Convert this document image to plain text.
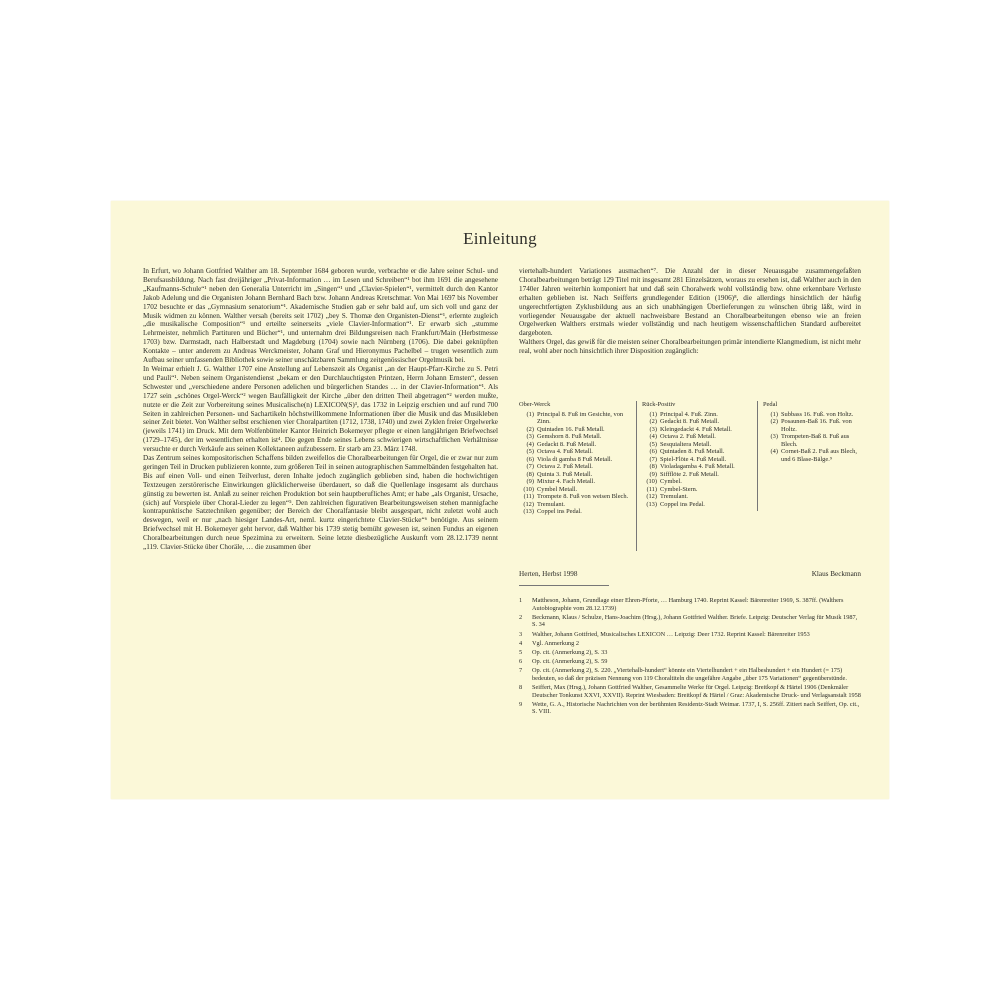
Einleitung

In Erfurt, wo Johann Gottfried Walther am 18. September 1684 geboren wurde, verbrachte er die Jahre seiner Schul- und Berufsausbildung. Nach fast dreijähriger „Privat-Information … im Lesen und Schreiben“¹ bot ihm 1691 die angesehene „Kaufmanns-Schule“¹ neben den Generalia Unterricht im „Singen“¹ und „Clavier-Spielen“¹, vermittelt durch den Kantor Jakob Adelung und die Organisten Johann Bernhard Bach bzw. Johann Andreas Kretschmar. Von Mai 1697 bis November 1702 besuchte er das „Gymnasium senatorium“¹. Akademische Studien gab er sehr bald auf, um sich voll und ganz der Musik widmen zu können. Walther versah (bereits seit 1702) „bey S. Thomæ den Organisten-Dienst“¹, erlernte zugleich „die musikalische Composition“¹ und erteilte seinerseits „viele Clavier-Information“¹. Er erwarb sich „stumme Lehrmeister, nehmlich Partituren und Bücher“¹, und unternahm drei Bildungsreisen nach Frankfurt/Main (Herbstmesse 1703) bzw. Darmstadt, nach Halberstadt und Magdeburg (1704) sowie nach Nürnberg (1706). Die dabei geknüpften Kontakte – unter anderem zu Andreas Werckmeister, Johann Graf und Hieronymus Pachelbel – trugen wesentlich zum Aufbau seiner umfassenden Bibliothek sowie seiner unschätzbaren Sammlung zeitgenössischer Orgelmusik bei.

In Weimar erhielt J. G. Walther 1707 eine Anstellung auf Lebenszeit als Organist „an der Haupt-Pfarr-Kirche zu S. Petri und Pauli“¹. Neben seinem Organistendienst „bekam er den Durchlauchtigsten Printzen, Herrn Johann Ernsten“, dessen Schwester und „verschiedene andere Personen adelichen und bürgerlichen Standes … in der Clavier-Information“¹. Als 1727 sein „schönes Orgel-Werck“² wegen Baufälligkeit der Kirche „über den dritten Theil abgetragen“² werden mußte, nutzte er die Zeit zur Vorbereitung seines Musicalische(n) LEXICON(S)³, das 1732 in Leipzig erschien und auf rund 700 Seiten in zahlreichen Personen- und Sachartikeln höchstwillkommene Informationen über die Musik und das Musikleben seiner Zeit bietet. Von Walther selbst erschienen vier Choralpartiten (1712, 1738, 1740) und zwei Zyklen freier Orgelwerke (jeweils 1741) im Druck. Mit dem Wolfenbütteler Kantor Heinrich Bokemeyer pflegte er einen langjährigen Briefwechsel (1729–1745), der im wesentlichen erhalten ist⁴. Die gegen Ende seines Lebens schwierigen wirtschaftlichen Verhältnisse versuchte er durch Verkäufe aus seinen Kollektaneen aufzubessern. Er starb am 23. März 1748.

Das Zentrum seines kompositorischen Schaffens bilden zweifellos die Choralbearbeitungen für Orgel, die er zwar nur zum geringen Teil in Drucken publizieren konnte, zum größeren Teil in seinen autographischen Sammelbänden festgehalten hat. Bis auf einen Voll- und einen Teilverlust, deren Inhalte jedoch zugänglich geblieben sind, haben die hochwichtigen Textzeugen zerstörerische Einwirkungen glücklicherweise überdauert, so daß die Quellenlage insgesamt als durchaus günstig zu bewerten ist. Anlaß zu seiner reichen Produktion bot sein hauptberufliches Amt; er habe „als Organist, Ursache, (sich) auf Vorspiele über Choral-Lieder zu legen“⁵. Den zahlreichen figurativen Bearbeitungsweisen stehen mannigfache kontrapunktische Satztechniken gegenüber; der Bereich der Choralfantasie bleibt ausgespart, nicht zuletzt wohl auch deswegen, weil er nur „nach hiesiger Landes-Art, neml. kurtz eingerichtete Clavier-Stücke“⁶ benötigte. Aus seinem Briefwechsel mit H. Bokemeyer geht hervor, daß Walther bis 1739 stetig bemüht gewesen ist, seinen Fundus an eigenen Choralbearbeitungen durch neue Spezimina zu erweitern. Seine letzte diesbezügliche Auskunft vom 28.12.1739 nennt „119. Clavier-Stücke über Choräle, … die zusammen über

viertehalb-hundert Variationes ausmachen“⁷. Die Anzahl der in dieser Neuausgabe zusammengefaßten Choralbearbeitungen beträgt 129 Titel mit insgesamt 281 Einzelsätzen, woraus zu ersehen ist, daß Walther auch in den 1740er Jahren weiterhin komponiert hat und daß sein Choralwerk wohl vollständig bzw. ohne erkennbare Verluste erhalten geblieben ist. Nach Seifferts grundlegender Edition (1906)⁸, die allerdings hinsichtlich der häufig ungerechtfertigten Zyklusbildung aus an sich unabhängigen Überlieferungen zu wünschen übrig läßt, wird in vorliegender Neuausgabe der aktuell nachweisbare Bestand an Choralbearbeitungen ebenso wie an freien Orgelwerken Walthers erstmals wieder vollständig und nach heutigem wissenschaftlichen Standard aufbereitet dargeboten.

Walthers Orgel, das gewiß für die meisten seiner Choralbearbeitungen primär intendierte Klangmedium, ist nicht mehr real, wohl aber noch hinsichtlich ihrer Disposition zugänglich:

Ober-Werck
(1) Principal 8. Fuß im Gesichte, von Zinn.
(2) Quintaden 16. Fuß Metall.
(3) Gemshorn 8. Fuß Metall.
(4) Gedackt 8. Fuß Metall.
(5) Octava 4. Fuß Metall.
(6) Viola di gamba 8 Fuß Metall.
(7) Octava 2. Fuß Metall.
(8) Quinta 3. Fuß Metall.
(9) Mixtur 4. Fach Metall.
(10) Cymbel Metall.
(11) Trompete 8. Fuß von weisen Blech.
(12) Tremulant.
(13) Coppel ins Pedal.
Rück-Positiv
(1) Principal 4. Fuß. Zinn.
(2) Gedackt 8. Fuß Metall.
(3) Kleingedackt 4. Fuß Metall.
(4) Octava 2. Fuß Metall.
(5) Sesquialtera Metall.
(6) Quintaden 8. Fuß Metall.
(7) Spiel-Flöte 4. Fuß Metall.
(8) Violadagamba 4. Fuß Metall.
(9) Siffflöte 2. Fuß Metall.
(10) Cymbel.
(11) Cymbel-Stern.
(12) Tremulant.
(13) Coppel ins Pedal.
Pedal
(1) Subbass 16. Fuß. von Holtz.
(2) Posaunen-Baß 16. Fuß. von Holtz.
(3) Trompeten-Baß 8. Fuß aus Blech.
(4) Cornet-Baß 2. Fuß aus Blech, und 6 Blase-Bälge.⁹
Herten, Herbst 1998	Klaus Beckmann
1	Mattheson, Johann, Grundlage einer Ehren-Pforte, … Hamburg 1740. Reprint Kassel: Bärenreiter 1969, S. 387ff. (Walthers Autobiographie vom 28.12.1739)
2	Beckmann, Klaus / Schulze, Hans-Joachim (Hrsg.), Johann Gottfried Walther. Briefe. Leipzig: Deutscher Verlag für Musik 1987, S. 34
3	Walther, Johann Gottfried, Musicalisches LEXICON … Leipzig: Deer 1732. Reprint Kassel: Bärenreiter 1953
4	Vgl. Anmerkung 2
5	Op. cit. (Anmerkung 2), S. 33
6	Op. cit. (Anmerkung 2), S. 59
7	Op. cit. (Anmerkung 2), S. 220. „Viertehalb-hundert“ könnte ein Viertelhundert + ein Halbeshundert + ein Hundert (= 175) bedeuten, so daß der präzisen Nennung von 119 Choraltiteln die ungefähre Angabe „über 175 Variationen“ gegenüberstünde.
8	Seiffert, Max (Hrsg.), Johann Gottfried Walther, Gesammelte Werke für Orgel. Leipzig: Breitkopf & Härtel 1906 (Denkmäler Deutscher Tonkunst XXVI, XXVII). Reprint Wiesbaden: Breitkopf & Härtel / Graz: Akademische Druck- und Verlagsanstalt 1958
9	Wette, G. A., Historische Nachrichten von der berühmten Residentz-Stadt Weimar. 1737, I, S. 256ff. Zitiert nach Seiffert, Op. cit., S. VIII.
